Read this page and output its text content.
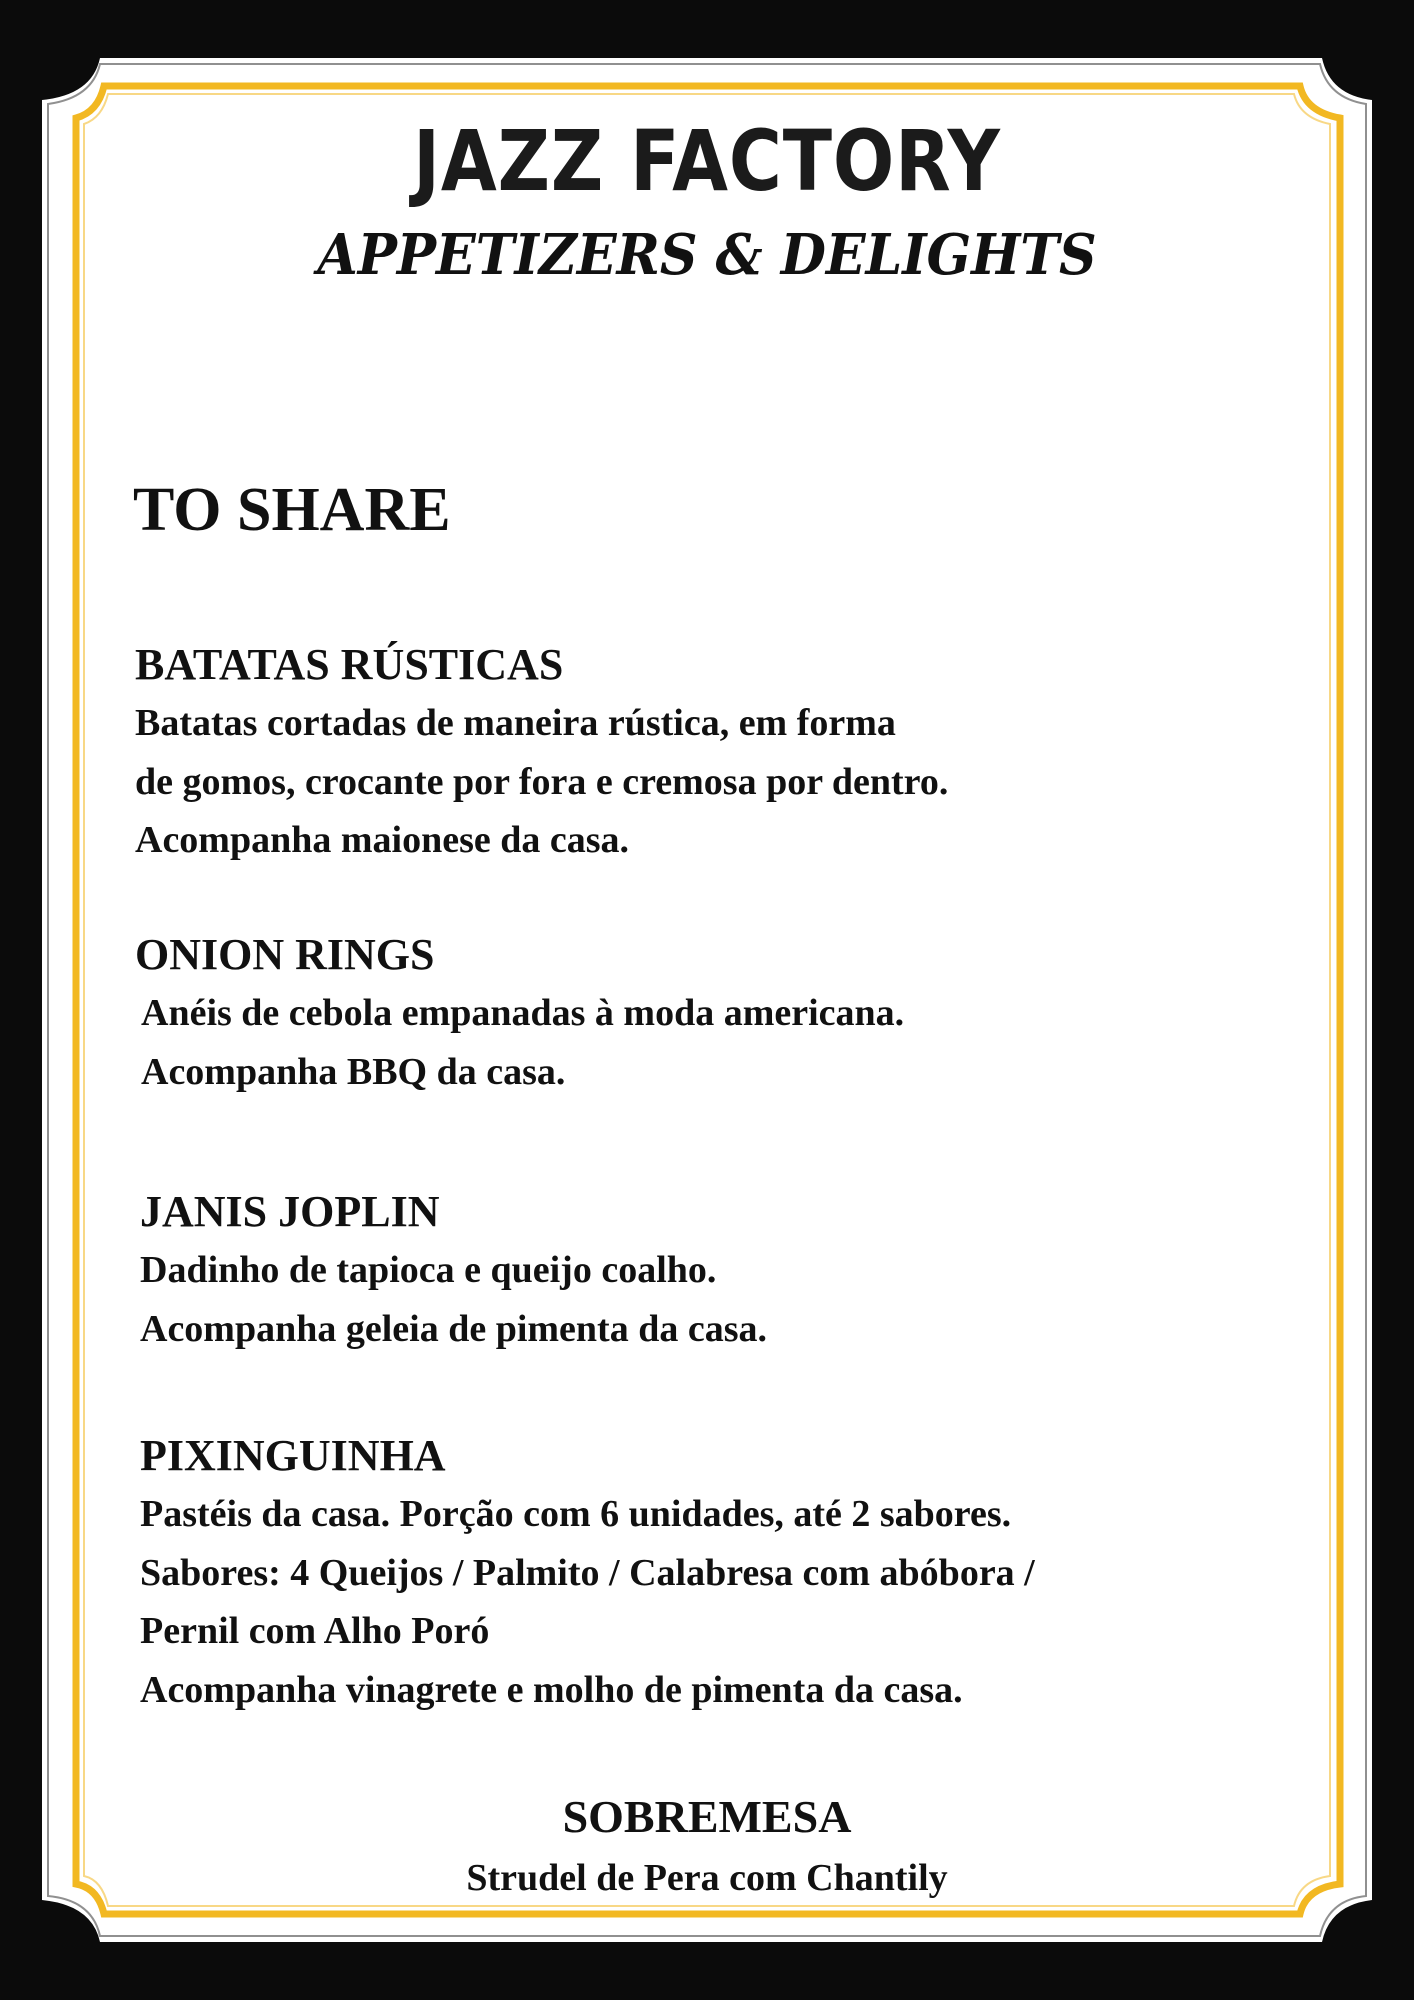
JAZZ FACTORY
APPETIZERS & DELIGHTS
TO SHARE
BATATAS RÚSTICAS
Batatas cortadas de maneira rústica, em forma
de gomos, crocante por fora e cremosa por dentro.
Acompanha maionese da casa.
ONION RINGS
Anéis de cebola empanadas à moda americana.
Acompanha BBQ da casa.
JANIS JOPLIN
Dadinho de tapioca e queijo coalho.
Acompanha geleia de pimenta da casa.
PIXINGUINHA
Pastéis da casa. Porção com 6 unidades, até 2 sabores.
Sabores: 4 Queijos / Palmito / Calabresa com abóbora /
Pernil com Alho Poró
Acompanha vinagrete e molho de pimenta da casa.
SOBREMESA
Strudel de Pera com Chantily
